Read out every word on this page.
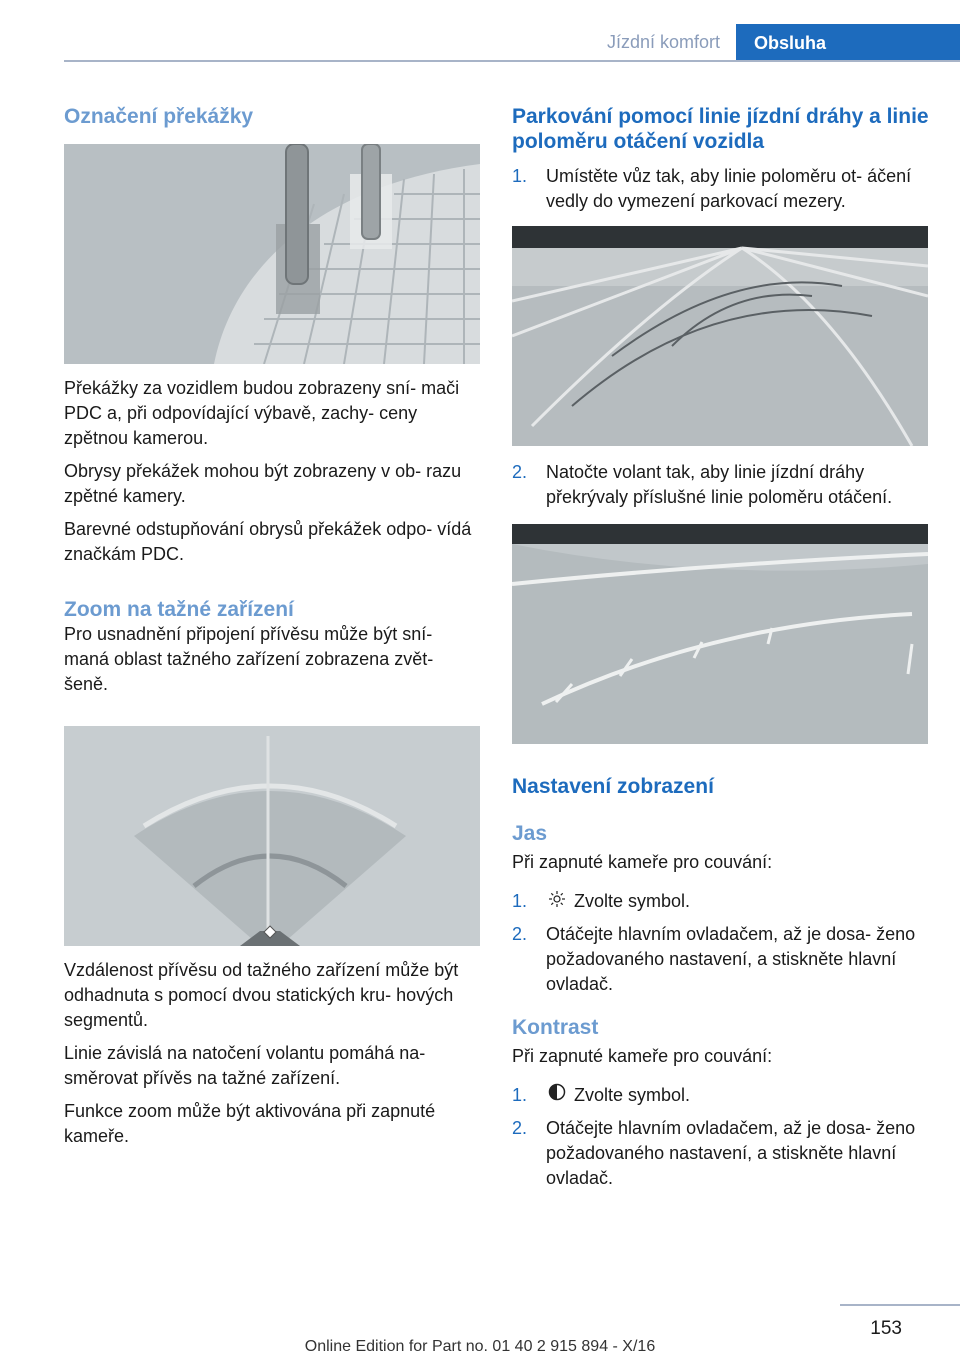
Jízdní komfort	Obsluha
Označení překážky

Překážky za vozidlem budou zobrazeny sní‐ mači PDC a, při odpovídající výbavě, zachy‐ ceny zpětnou kamerou.

Obrysy překážek mohou být zobrazeny v ob‐ razu zpětné kamery.

Barevné odstupňování obrysů překážek odpo‐ vídá značkám PDC.

Zoom na tažné zařízení

Pro usnadnění připojení přívěsu může být sní‐ maná oblast tažného zařízení zobrazena zvět‐ šeně.

Vzdálenost přívěsu od tažného zařízení může být odhadnuta s pomocí dvou statických kru‐ hových segmentů.

Linie závislá na natočení volantu pomáhá na‐ směrovat přívěs na tažné zařízení.

Funkce zoom může být aktivována při zapnuté kameře.

Parkování pomocí linie jízdní dráhy a linie poloměru otáčení vozidla
1.	Umístěte vůz tak, aby linie poloměru ot‐ áčení vedly do vymezení parkovací mezery.
2.	Natočte volant tak, aby linie jízdní dráhy překrývaly příslušné linie poloměru otáčení.
Nastavení zobrazení
Jas

Při zapnuté kameře pro couvání:

1.	Zvolte symbol.
2.	Otáčejte hlavním ovladačem, až je dosa‐ ženo požadovaného nastavení, a stiskněte hlavní ovladač.
Kontrast

Při zapnuté kameře pro couvání:

1.	Zvolte symbol.
2.	Otáčejte hlavním ovladačem, až je dosa‐ ženo požadovaného nastavení, a stiskněte hlavní ovladač.
153
Online Edition for Part no. 01 40 2 915 894 - X/16
